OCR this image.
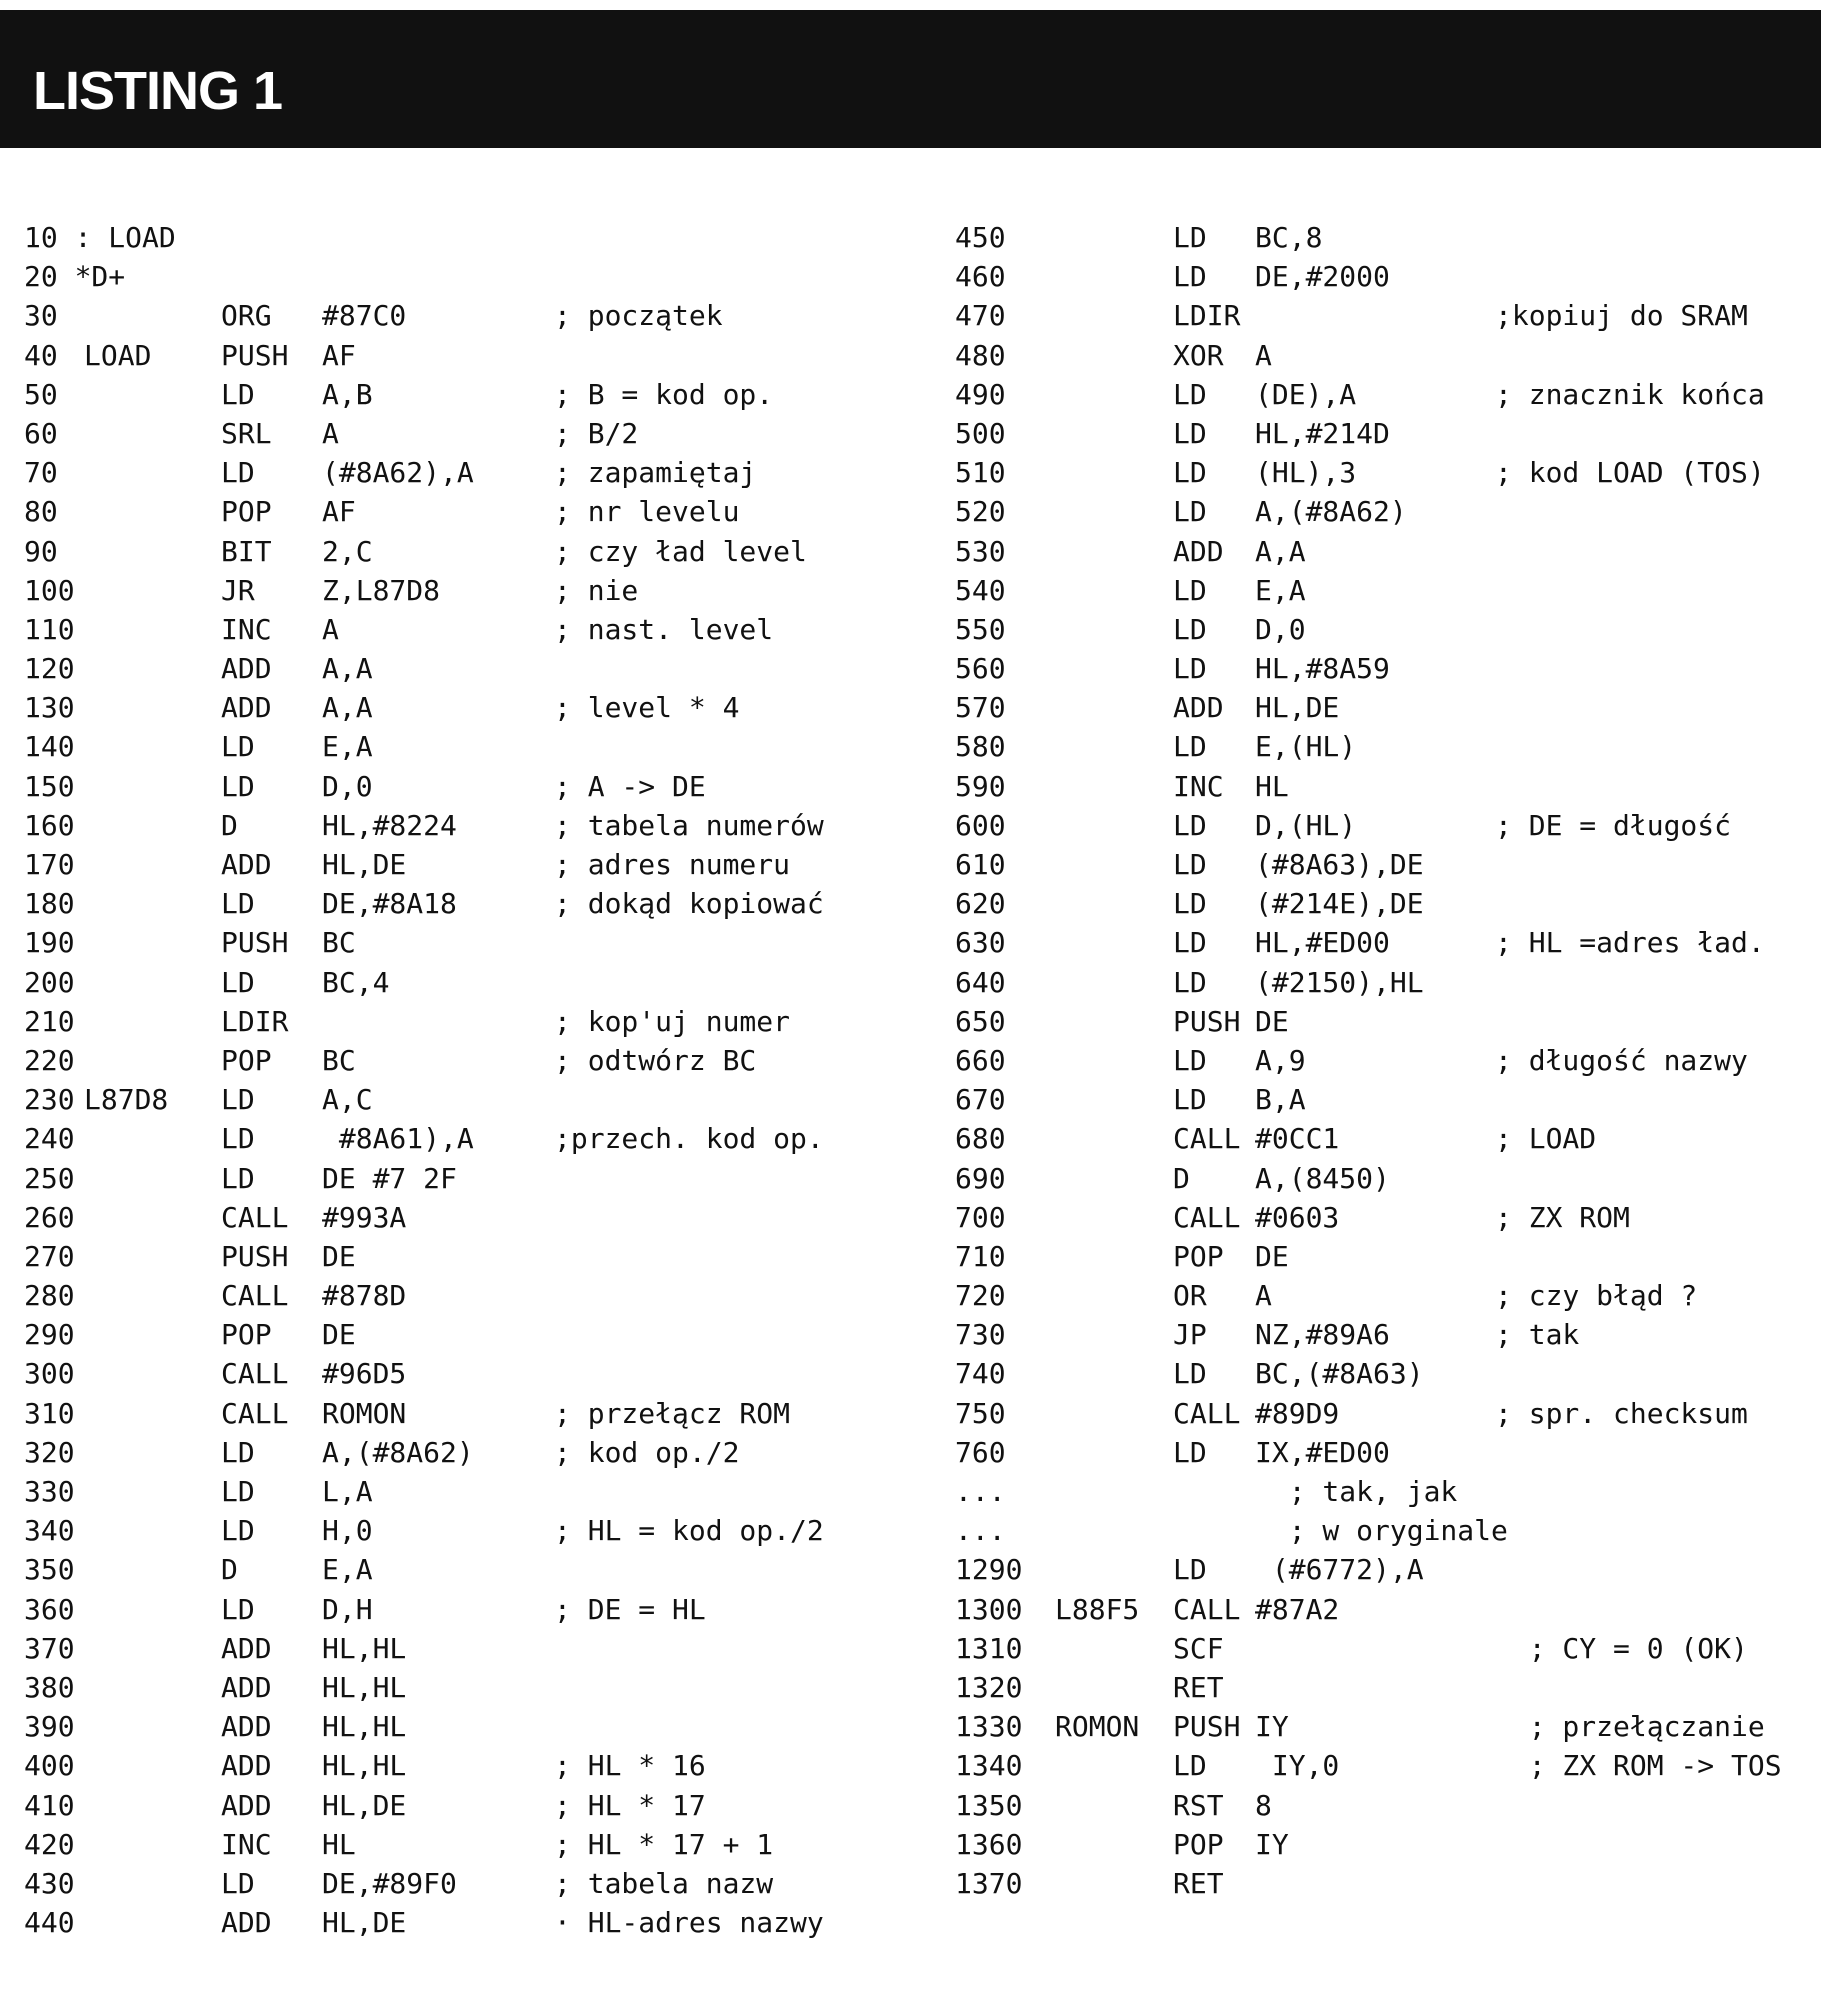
LISTING 1
10 : LOAD
20 *D+
30	ORG #87C0	; początek
40 LOAD PUSH AF
50	LD A,B	; B = kod op.
60	SRL A	; B/2
70	LD (#8A62),A	; zapamiętaj
80	POP AF	; nr levelu
90	BIT 2,C	; czy ład level
100	JR Z,L87D8	; nie
110	INC A	; nast. level
120	ADD A,A
130	ADD A,A	; level * 4
140	LD E,A
150	LD D,0	; A -> DE
160	D	HL,#8224	; tabela numerów
170	ADD HL,DE	; adres numeru
180	LD DE,#8A18	; dokąd kopiować
190	PUSH BC
200	LD BC,4
210	LDIR	; kop'uj numer
220	POP BC	; odtwórz BC
230 L87D8 LD A,C
240	LD #8A61),A	;przech. kod op.
250	LD DE #7 2F
260	CALL #993A
270	PUSH DE
280	CALL #878D
290	POP DE
300	CALL #96D5
310	CALL ROMON	; przełącz ROM
320	LD A,(#8A62)	; kod op./2
330	LD L,A
340	LD H,0	; HL = kod op./2
350	D	E,A
360	LD D,H	; DE = HL
370	ADD HL,HL
380	ADD HL,HL
390	ADD HL,HL
400	ADD HL,HL	; HL * 16
410	ADD HL,DE	; HL * 17
420	INC HL	; HL * 17 + 1
430	LD DE,#89F0	; tabela nazw
440	ADD HL,DE	· HL-adres nazwy
450	LD BC,8
460	LD DE,#2000
470	LDIR	;kopiuj do SRAM
480	XOR A
490	LD (DE),A	; znacznik końca
500	LD HL,#214D
510	LD (HL),3	; kod LOAD (TOS)
520	LD A,(#8A62)
530	ADD A,A
540	LD E,A
550	LD D,0
560	LD HL,#8A59
570	ADD HL,DE
580	LD E,(HL)
590	INC HL
600	LD D,(HL)	; DE = długość
610	LD (#8A63),DE
620	LD (#214E),DE
630	LD HL,#ED00	; HL =adres ład.
640	LD (#2150),HL
650	PUSH DE
660	LD A,9	; długość nazwy
670	LD B,A
680	CALL #0CC1	; LOAD
690	D A,(8450)
700	CALL #0603	; ZX ROM
710	POP DE
720	OR A	; czy błąd ?
730	JP NZ,#89A6	; tak
740	LD BC,(#8A63)
750	CALL #89D9	; spr. checksum
760	LD IX,#ED00
...	; tak, jak
...	; w oryginale
1290	LD (#6772),A
1300 L88F5 CALL #87A2
1310	SCF	; CY = 0 (OK)
1320	RET
1330 ROMON PUSH IY	; przełączanie
1340	LD IY,0	; ZX ROM -> TOS
1350	RST 8
1360	POP IY
1370	RET
